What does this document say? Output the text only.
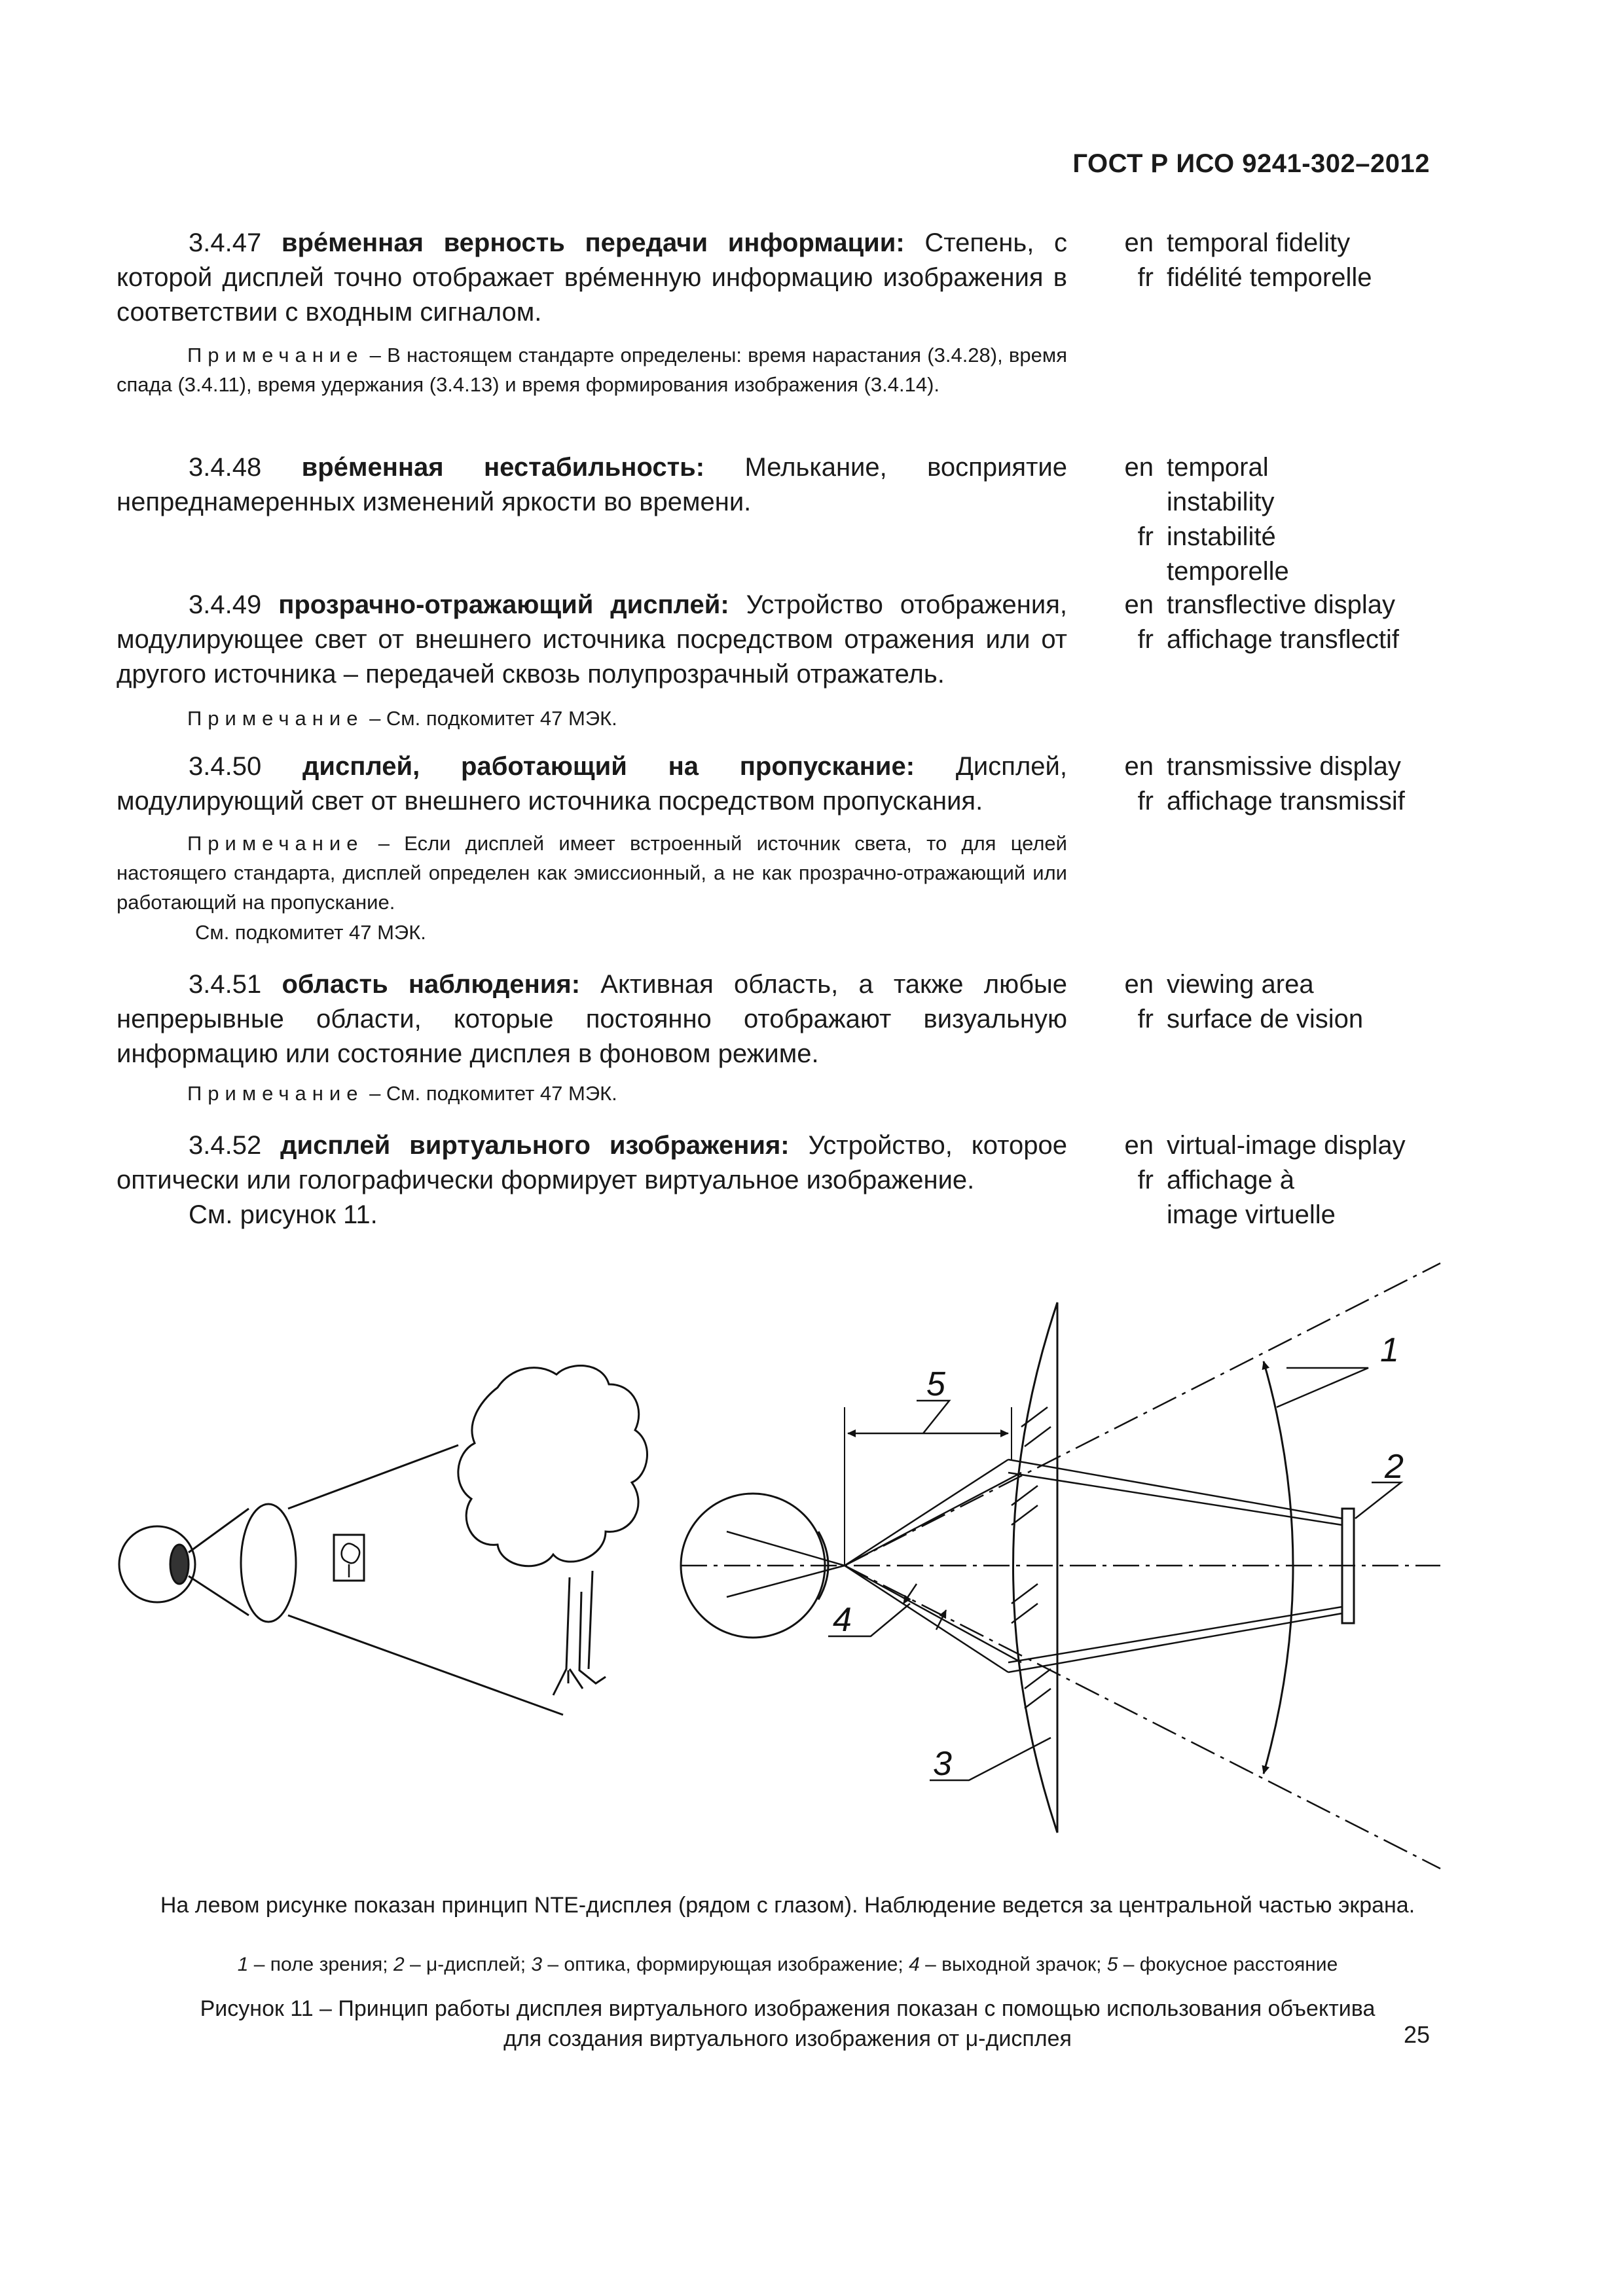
ГОСТ Р ИСО 9241-302–2012
3.4.47 вре́менная верность передачи информации: Степень, с которой дисплей точно отображает вре́менную информацию изображения в соответствии с входным сигналом.
Примечание – В настоящем стандарте определены: время нарастания (3.4.28), время спада (3.4.11), время удержания (3.4.13) и время формирования изображения (3.4.14).
en temporal fidelity
fr fidélité temporelle
3.4.48 вре́менная нестабильность: Мелькание, восприятие непреднамеренных изменений яркости во времени.
en temporal instability
fr instabilité temporelle
3.4.49 прозрачно-отражающий дисплей: Устройство отображения, модулирующее свет от внешнего источника посредством отражения или от другого источника – передачей сквозь полупрозрачный отражатель.
Примечание – См. подкомитет 47 МЭК.
en transflective display
fr affichage transflectif
3.4.50 дисплей, работающий на пропускание: Дисплей, модулирующий свет от внешнего источника посредством пропускания.
Примечание – Если дисплей имеет встроенный источник света, то для целей настоящего стандарта, дисплей определен как эмиссионный, а не как прозрачно-отражающий или работающий на пропускание.
См. подкомитет 47 МЭК.
en transmissive display
fr affichage transmissif
3.4.51 область наблюдения: Активная область, а также любые непрерывные области, которые постоянно отображают визуальную информацию или состояние дисплея в фоновом режиме.
Примечание – См. подкомитет 47 МЭК.
en viewing area
fr surface de vision
3.4.52 дисплей виртуального изображения: Устройство, которое оптически или голографически формирует виртуальное изображение.
См. рисунок 11.
en virtual-image display
fr affichage à image virtuelle
1
2
3
4
5
На левом рисунке показан принцип NTE-дисплея (рядом с глазом). Наблюдение ведется за центральной частью экрана.
1 – поле зрения; 2 – μ-дисплей; 3 – оптика, формирующая изображение; 4 – выходной зрачок; 5 – фокусное расстояние
Рисунок 11 – Принцип работы дисплея виртуального изображения показан с помощью использования объектива для создания виртуального изображения от μ-дисплея	25
